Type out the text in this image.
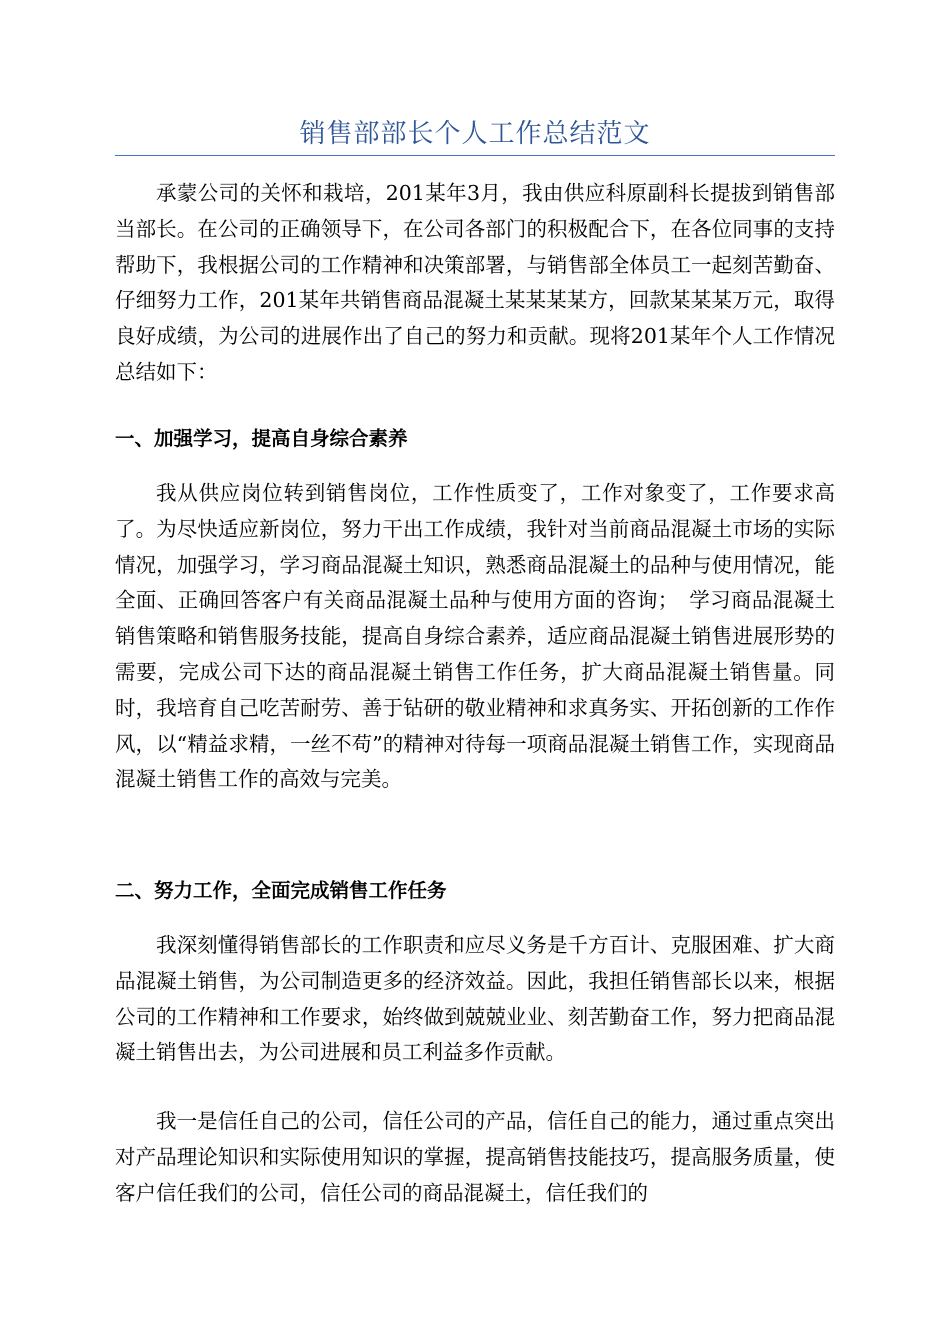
销售部部长个人工作总结范文

承蒙公司的关怀和栽培，201某年3月，我由供应科原副科长提拔到销售部当部长。在公司的正确领导下，在公司各部门的积极配合下，在各位同事的支持帮助下，我根据公司的工作精神和决策部署，与销售部全体员工一起刻苦勤奋、仔细努力工作，201某年共销售商品混凝土某某某某方，回款某某某万元，取得良好成绩，为公司的进展作出了自己的努力和贡献。现将201某年个人工作情况总结如下：

一、加强学习，提高自身综合素养

我从供应岗位转到销售岗位，工作性质变了，工作对象变了，工作要求高了。为尽快适应新岗位，努力干出工作成绩，我针对当前商品混凝土市场的实际情况，加强学习，学习商品混凝土知识，熟悉商品混凝土的品种与使用情况，能全面、正确回答客户有关商品混凝土品种与使用方面的咨询；　学习商品混凝土销售策略和销售服务技能，提高自身综合素养，适应商品混凝土销售进展形势的需要，完成公司下达的商品混凝土销售工作任务，扩大商品混凝土销售量。同时，我培育自己吃苦耐劳、善于钻研的敬业精神和求真务实、开拓创新的工作作风，以“精益求精，一丝不苟”的精神对待每一项商品混凝土销售工作，实现商品混凝土销售工作的高效与完美。

二、努力工作，全面完成销售工作任务

我深刻懂得销售部长的工作职责和应尽义务是千方百计、克服困难、扩大商品混凝土销售，为公司制造更多的经济效益。因此，我担任销售部长以来，根据公司的工作精神和工作要求，始终做到兢兢业业、刻苦勤奋工作，努力把商品混凝土销售出去，为公司进展和员工利益多作贡献。

我一是信任自己的公司，信任公司的产品，信任自己的能力，通过重点突出对产品理论知识和实际使用知识的掌握，提高销售技能技巧，提高服务质量，使客户信任我们的公司，信任公司的商品混凝土，信任我们的
